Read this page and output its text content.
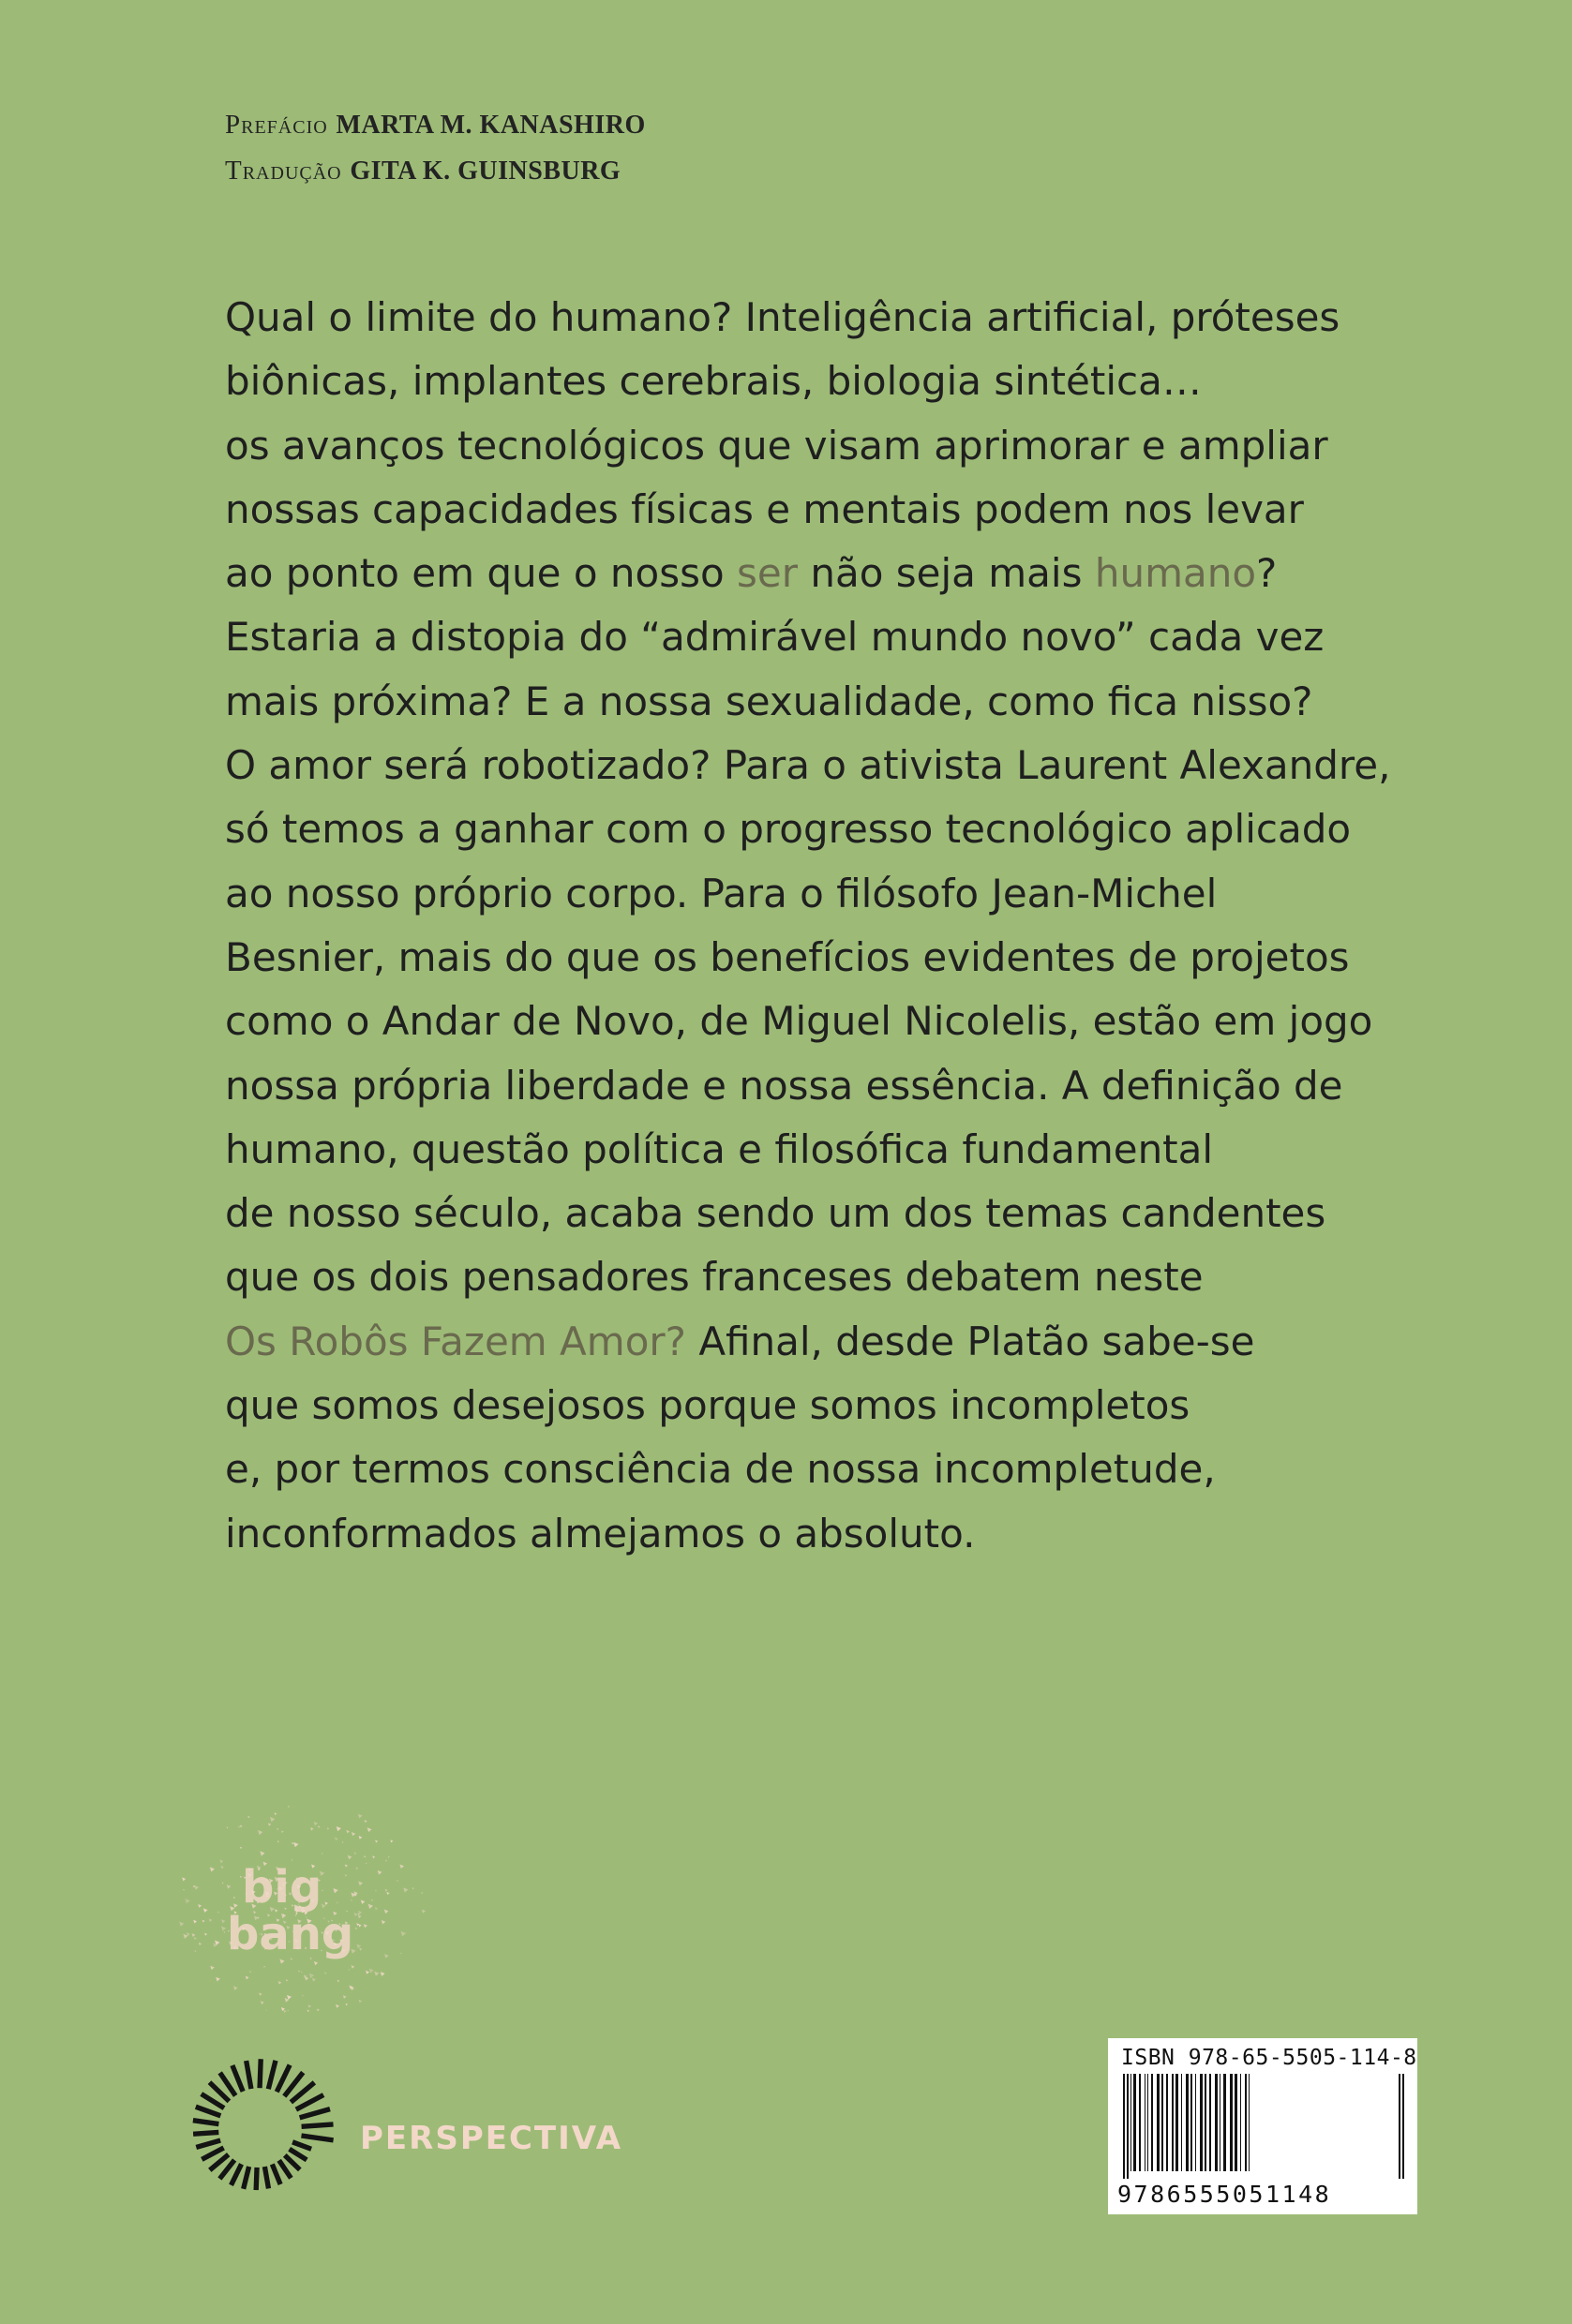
Prefácio MARTA M. KANASHIRO
Tradução GITA K. GUINSBURG
Qual o limite do humano? Inteligência artificial, próteses
biônicas, implantes cerebrais, biologia sintética…
os avanços tecnológicos que visam aprimorar e ampliar
nossas capacidades físicas e mentais podem nos levar
ao ponto em que o nosso ser não seja mais humano?
Estaria a distopia do “admirável mundo novo” cada vez
mais próxima? E a nossa sexualidade, como fica nisso?
O amor será robotizado? Para o ativista Laurent Alexandre,
só temos a ganhar com o progresso tecnológico aplicado
ao nosso próprio corpo. Para o filósofo Jean-Michel
Besnier, mais do que os benefícios evidentes de projetos
como o Andar de Novo, de Miguel Nicolelis, estão em jogo
nossa própria liberdade e nossa essência. A definição de
humano, questão política e filosófica fundamental
de nosso século, acaba sendo um dos temas candentes
que os dois pensadores franceses debatem neste
Os Robôs Fazem Amor? Afinal, desde Platão sabe-se
que somos desejosos porque somos incompletos
e, por termos consciência de nossa incompletude,
inconformados almejamos o absoluto.
big
bang
PERSPECTIVA
ISBN 978-65-5505-114-8
9786555051148
